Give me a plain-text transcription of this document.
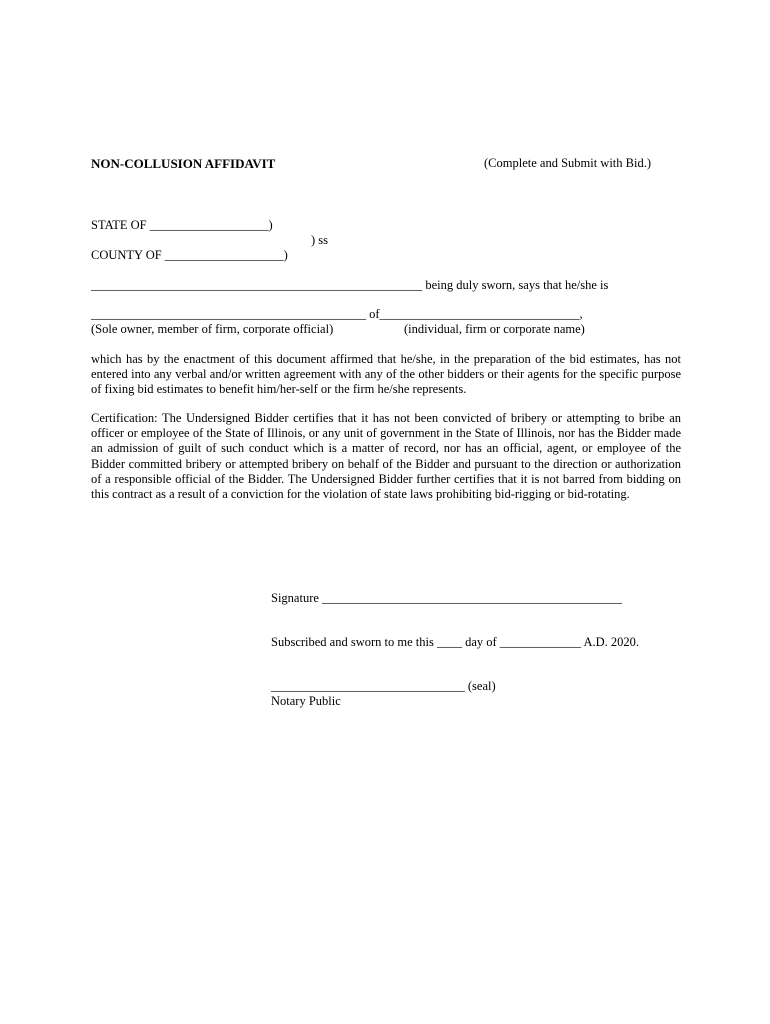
NON-COLLUSION AFFIDAVIT	(Complete and Submit with Bid.)
STATE OF ___________________)
) ss
COUNTY OF ___________________)
_____________________________________________________ being duly sworn, says that he/she is
____________________________________________ of________________________________,
(Sole owner, member of firm, corporate official)	(individual, firm or corporate name)
which has by the enactment of this document affirmed that he/she, in the preparation of the bid estimates, has not entered into any verbal and/or written agreement with any of the other bidders or their agents for the specific purpose of fixing bid estimates to benefit him/her-self or the firm he/she represents.
Certification: The Undersigned Bidder certifies that it has not been convicted of bribery or attempting to bribe an officer or employee of the State of Illinois, or any unit of government in the State of Illinois, nor has the Bidder made an admission of guilt of such conduct which is a matter of record, nor has an official, agent, or employee of the Bidder committed bribery or attempted bribery on behalf of the Bidder and pursuant to the direction or authorization of a responsible official of the Bidder. The Undersigned Bidder further certifies that it is not barred from bidding on this contract as a result of a conviction for the violation of state laws prohibiting bid-rigging or bid-rotating.
Signature ________________________________________________
Subscribed and sworn to me this ____ day of _____________ A.D. 2020.
_______________________________ (seal)
Notary Public
